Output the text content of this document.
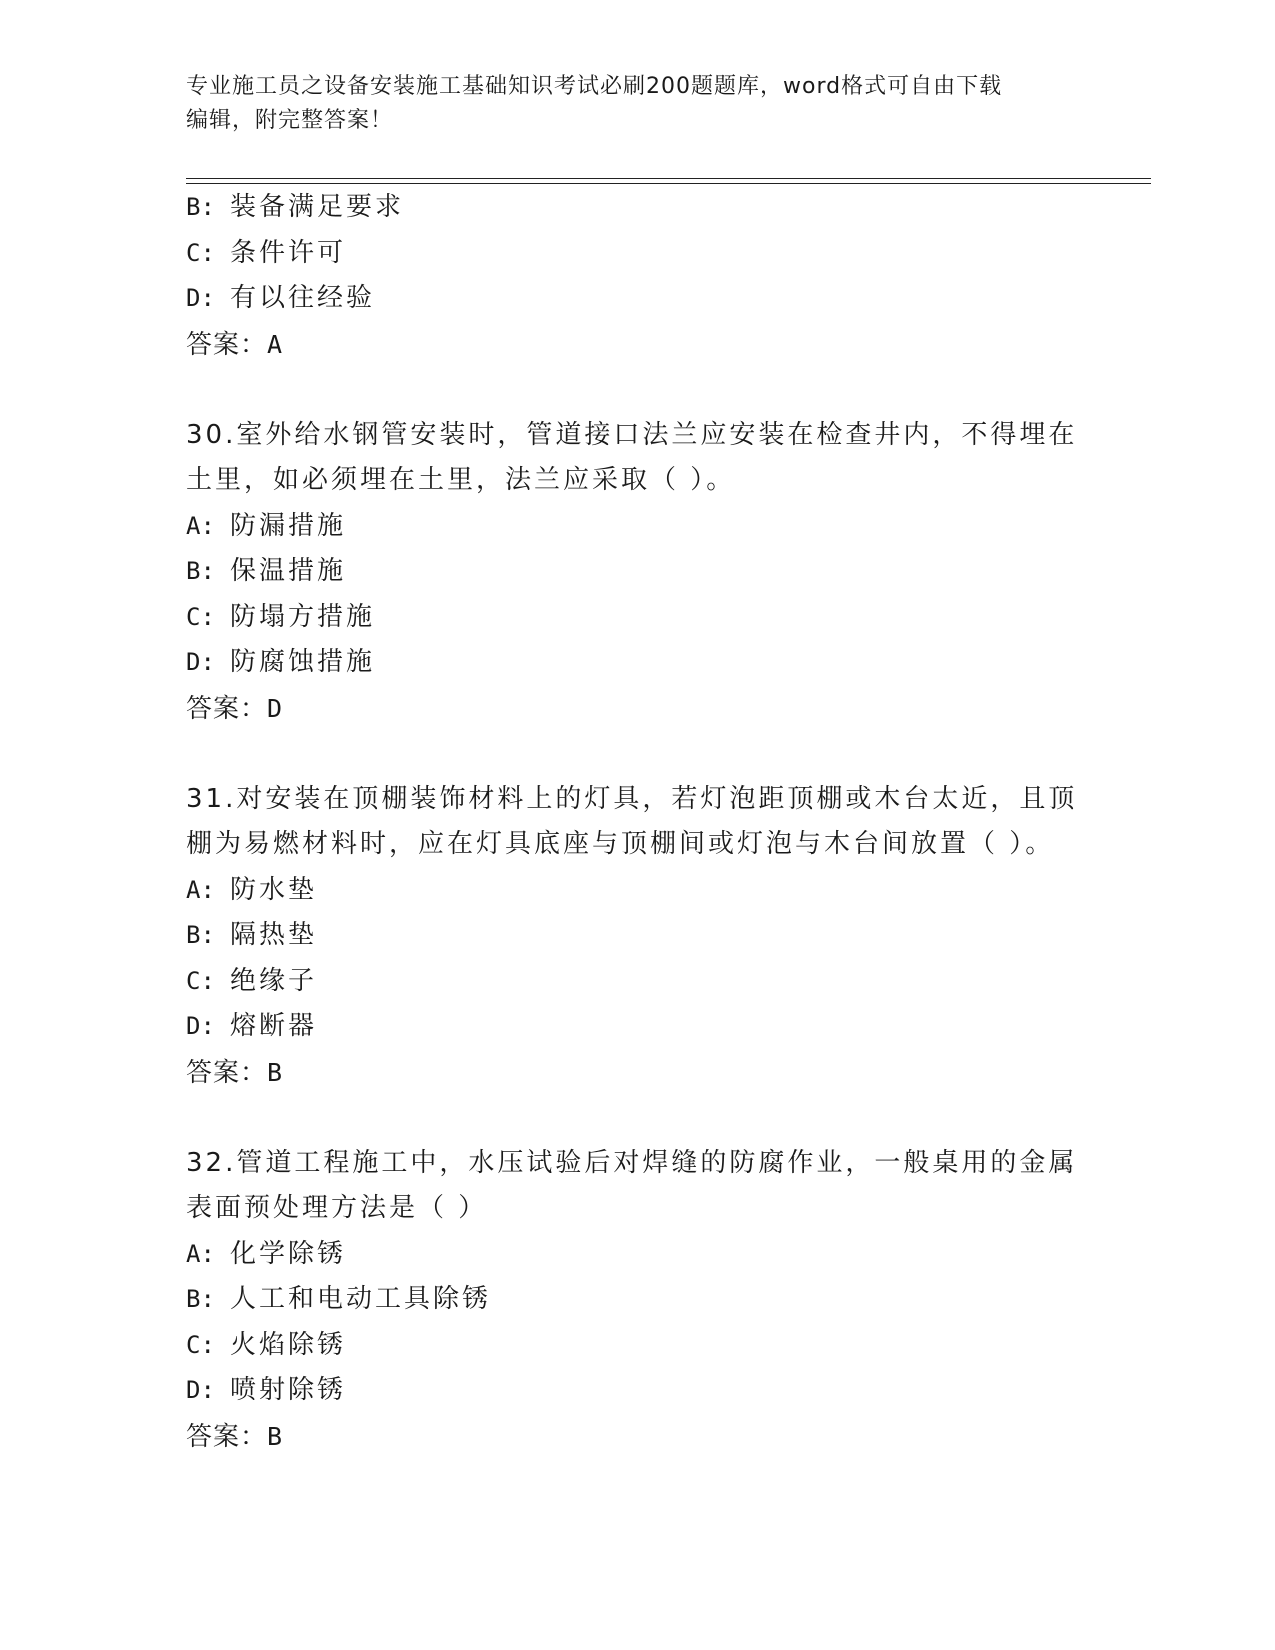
专业施工员之设备安装施工基础知识考试必刷200题题库，word格式可自由下载
编辑，附完整答案！
B: 装备满足要求
C: 条件许可
D: 有以往经验
答案：A
30.室外给水钢管安装时，管道接口法兰应安装在检查井内，不得埋在
土里，如必须埋在土里，法兰应采取（ ）。
A: 防漏措施
B: 保温措施
C: 防塌方措施
D: 防腐蚀措施
答案：D
31.对安装在顶棚装饰材料上的灯具，若灯泡距顶棚或木台太近，且顶
棚为易燃材料时，应在灯具底座与顶棚间或灯泡与木台间放置（ ）。
A: 防水垫
B: 隔热垫
C: 绝缘子
D: 熔断器
答案：B
32.管道工程施工中，水压试验后对焊缝的防腐作业，一般桌用的金属
表面预处理方法是（ ）
A: 化学除锈
B: 人工和电动工具除锈
C: 火焰除锈
D: 喷射除锈
答案：B
